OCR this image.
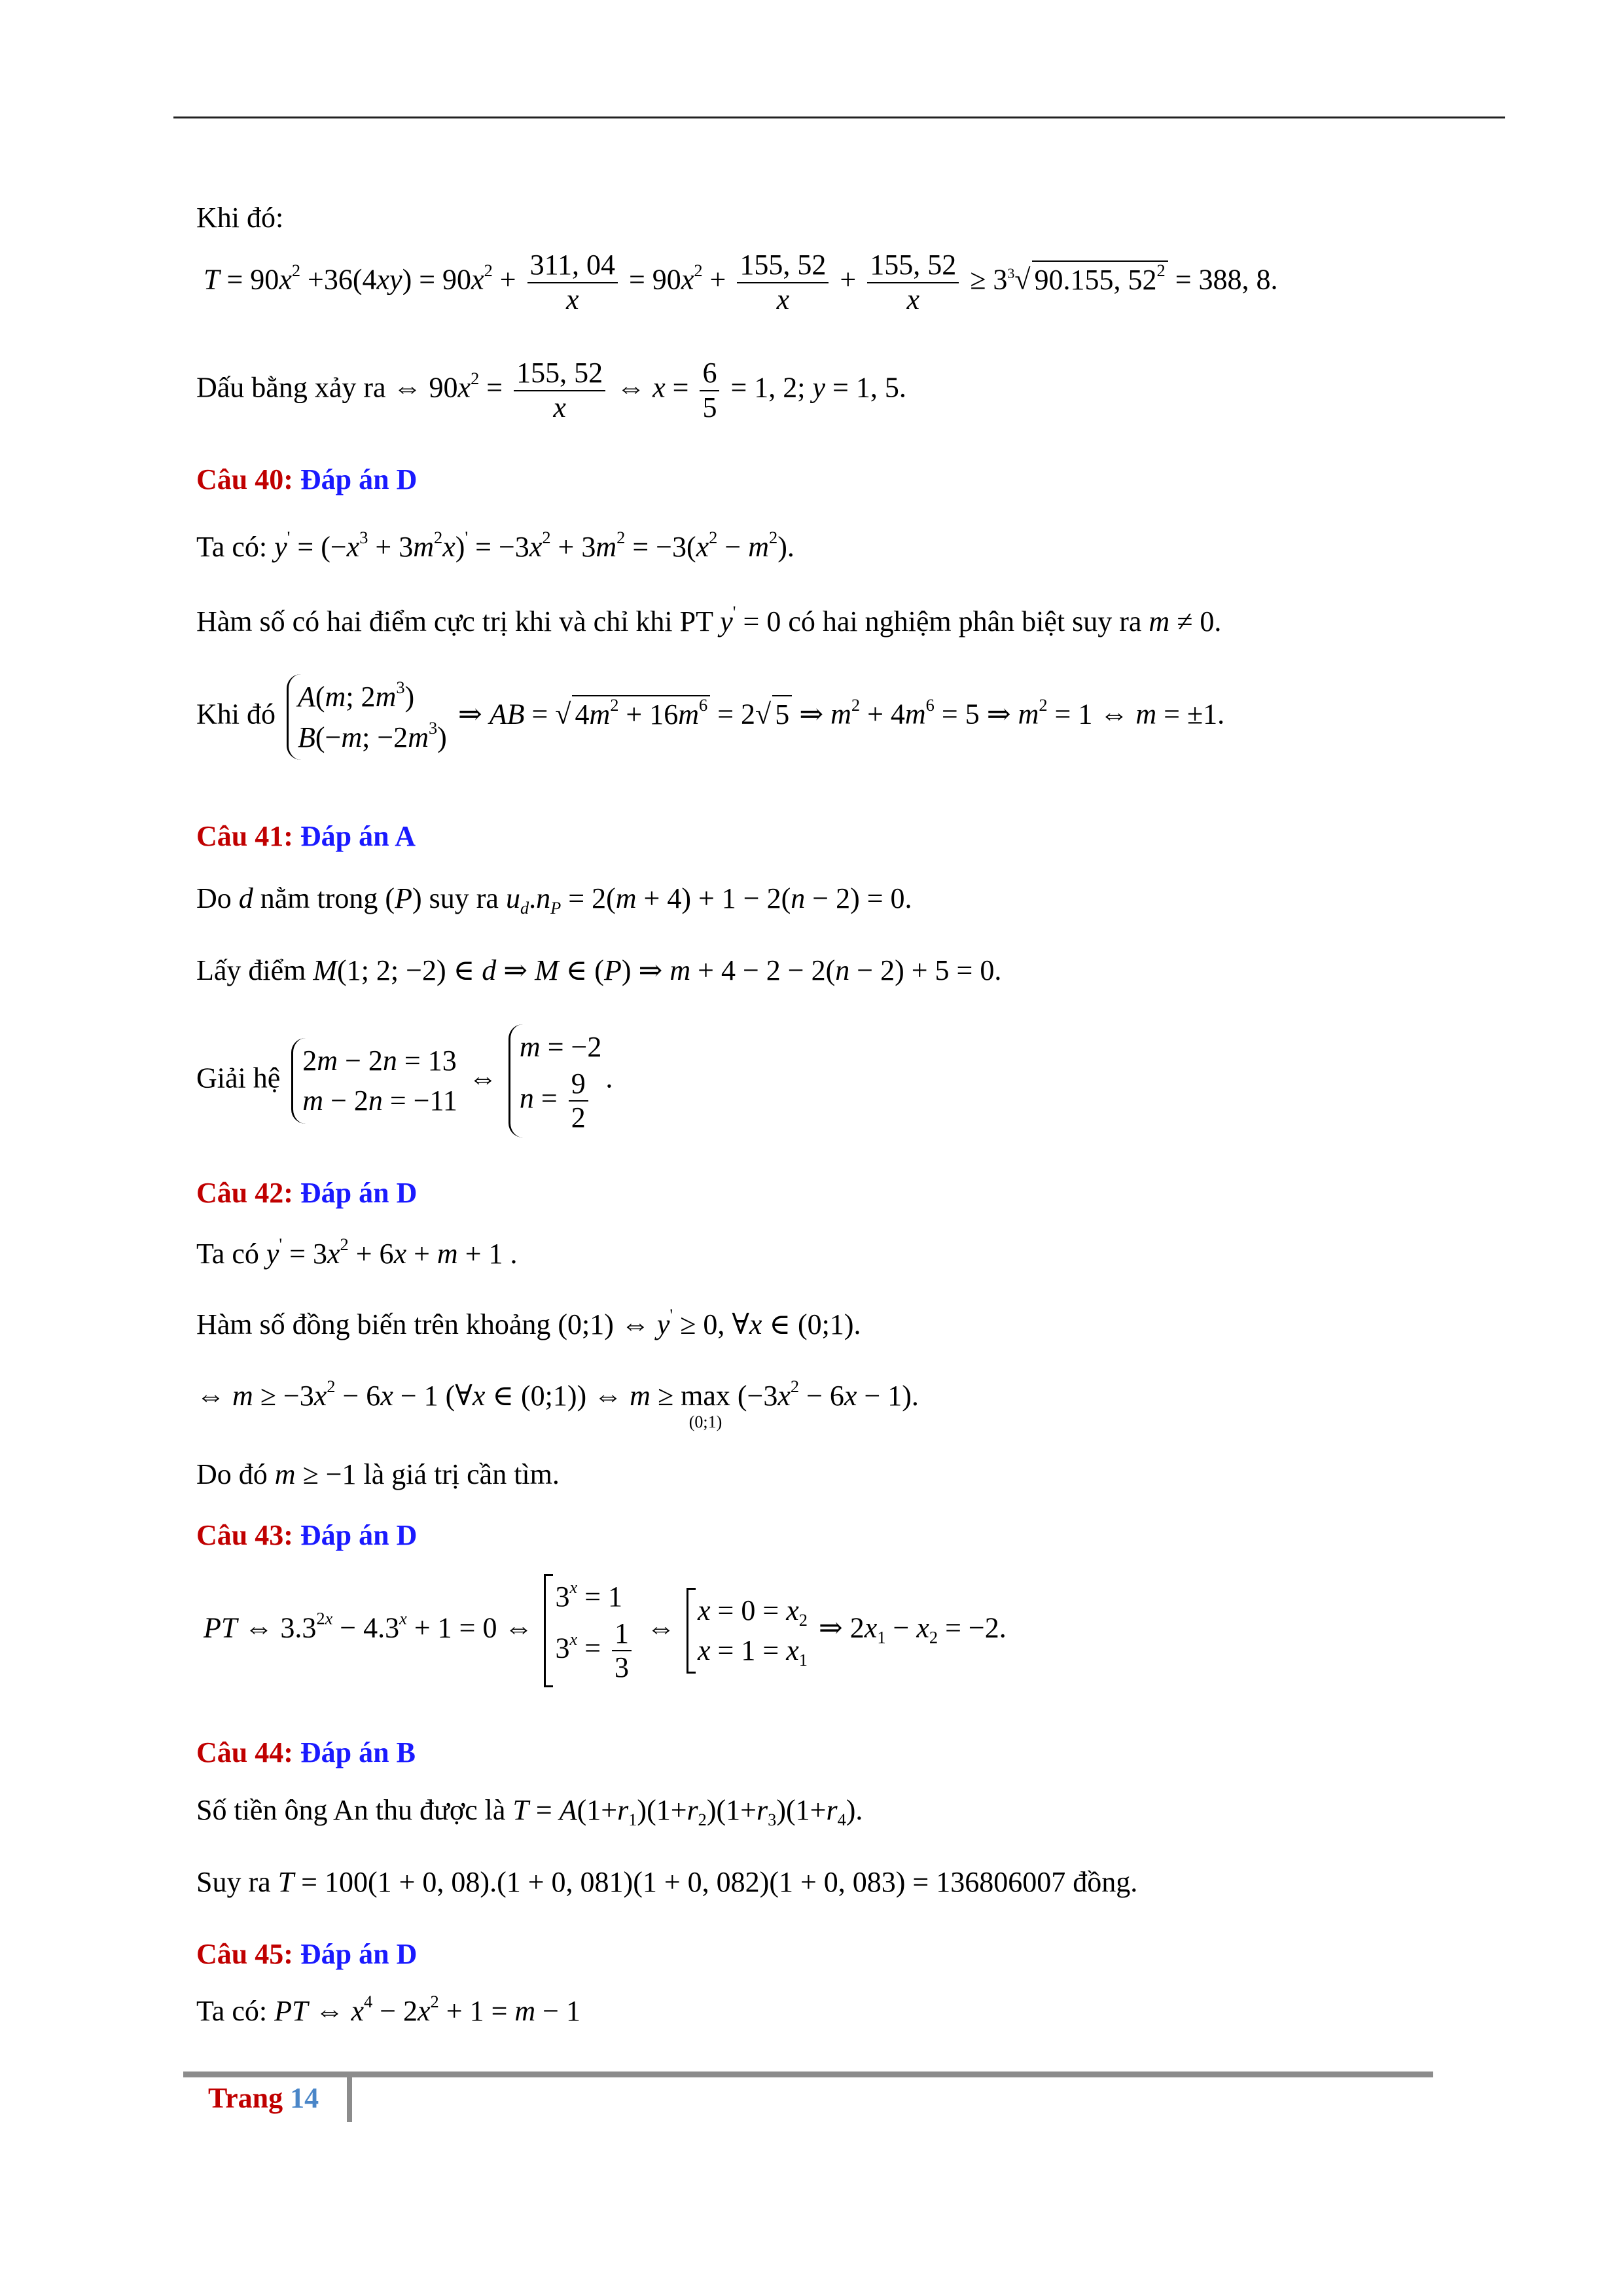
Khi đó:
$T = 90x^2 +36(4xy) = 90x^2 + \frac{311, 04}{x} = 90x^2 + \frac{155, 52}{x} + \frac{155, 52}{x} \ge 3^3√$ 90.155, $52^2 = 388$, 8.
Dấu bằng xảy ra ⇔ $90x^2 = \frac{155, 52}{x}$ ⇔ $x = \frac{6}{5} = 1$, 2; y = 1, 5.
Câu 40: Đáp án D
Ta có: $y' = (-x^3 + 3m^2x)' = -3x^2 + 3m^2 = -3(x^2 - m^2)$.
Hàm số có hai điểm cực trị khi và chỉ khi PT y' = 0 có hai nghiệm phân biệt suy ra m ≠ 0.
Khi đó
A(m; $2m^3$)
B(−m; $-2m^3$)
⇒ AB = √ $4m^2 + 16m^6 = 2√$ 5 ⇒ $m^2 + 4m^6 = 5$ ⇒ $m^2 = 1$ ⇔ m = ±1.
Câu 41: Đáp án A
Do d nằm trong (P) suy ra $u_d.n_P = 2(m + 4) + 1 - 2(n - 2) = 0$.
Lấy điểm M(1; 2; −2) ∈ d ⇒ M ∈ (P) ⇒ m + 4 − 2 − 2(n − 2) + 5 = 0.
Giải hệ
2m − 2n = 13
m − 2n = −11
⇔
m = −2
$n = \frac{9}{2}$ .
Câu 42: Đáp án D
Ta có $y' = 3x^2 + 6x + m + 1$ .
Hàm số đồng biến trên khoảng (0;1) ⇔ y' ≥ 0, ∀x ∈ (0;1).
⇔ $m \ge -3x^2 - 6x - 1$ (∀x ∈ (0;1)) ⇔ m ≥ max
(0;1)
$(-3x^2 - 6x - 1)$.
Do đó m ≥ −1 là giá trị cần tìm.
Câu 43: Đáp án D
PT ⇔ $3.3^{2x} - 4.3^x + 1 = 0$ ⇔
$3^x = 1$
$3^x = \frac{1}{3}$ ⇔
$x = 0 = x_2$
$x = 1 = x_1$
⇒ $2x_1 - x_2 = -2$.
Câu 44: Đáp án B
Số tiền ông An thu được là $T = A(1+r_1)(1+r_2)(1+r_3)(1+r_4)$.
Suy ra T = 100(1 + 0, 08).(1 + 0, 081)(1 + 0, 082)(1 + 0, 083) = 136806007 đồng.
Câu 45: Đáp án D
Ta có: PT ⇔ $x^4 - 2x^2 + 1 = m - 1$
Trang 14
